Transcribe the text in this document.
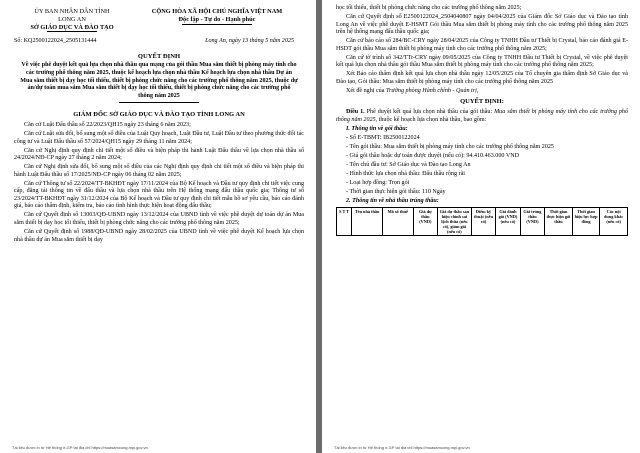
ỦY BAN NHÂN DÂN TỈNH
LONG AN
SỞ GIÁO DỤC VÀ ĐÀO TẠO
CỘNG HÒA XÃ HỘI CHỦ NGHĨA VIỆT NAM
Độc lập - Tự do - Hạnh phúc
Số: KQ2500122024_2505131444	Long An, ngày 13 tháng 5 năm 2025

QUYẾT ĐỊNH

Về việc phê duyệt kết quả lựa chọn nhà thầu qua mạng của gói thầu Mua sắm thiết bị phòng máy tính cho các trường phổ thông năm 2025, thuộc kế hoạch lựa chọn nhà thầu Kế hoạch lựa chọn nhà thầu Dự án Mua sắm thiết bị dạy học tối thiểu, thiết bị phòng chức năng cho các trường phổ thông năm 2025, thuộc dự án/dự toán mua sắm Mua sắm thiết bị dạy học tối thiểu, thiết bị phòng chức năng cho các trường phổ thông năm 2025

GIÁM ĐỐC SỞ GIÁO DỤC VÀ ĐÀO TẠO TỈNH LONG AN

Căn cứ Luật Đấu thầu số 22/2023/QH15 ngày 23 tháng 6 năm 2023;

Căn cứ Luật sửa đổi, bổ sung một số điều của Luật Quy hoạch, Luật Đầu tư, Luật Đầu tư theo phương thức đối tác công tư và Luật Đấu thầu số 57/2024/QH15 ngày 29 tháng 11 năm 2024;

Căn cứ Nghị định quy định chi tiết một số điều và biện pháp thi hành Luật Đấu thầu về lựa chọn nhà thầu số 24/2024/NĐ-CP ngày 27 tháng 2 năm 2024;

Căn cứ Nghị định sửa đổi, bổ sung một số điều của các Nghị định quy định chi tiết một số điều và biện pháp thi hành Luật Đấu thầu số 17/2025/NĐ-CP ngày 06 tháng 02 năm 2025;

Căn cứ Thông tư số 22/2024/TT-BKHĐT ngày 17/11/2024 của Bộ Kế hoạch và Đầu tư quy định chi tiết việc cung cấp, đăng tải thông tin về đấu thầu và lựa chọn nhà thầu trên Hệ thống mạng đấu thầu quốc gia; Thông tư số 23/2024/TT-BKHĐT ngày 31/12/2024 của Bộ Kế hoạch và Đầu tư quy định chi tiết mẫu hồ sơ yêu cầu, báo cáo đánh giá, báo cáo thẩm định, kiểm tra, báo cáo tình hình thực hiện hoạt động đấu thầu;

Căn cứ Quyết định số 13003/QĐ-UBND ngày 13/12/2024 của UBND tỉnh về việc phê duyệt dự toán dự án Mua sắm thiết bị dạy học tối thiểu, thiết bị phòng chức năng cho các trường phổ thông năm 2025;

Căn cứ Quyết định số 1988/QĐ-UBND ngày 28/02/2025 của UBND tỉnh về việc phê duyệt Kế hoạch lựa chọn nhà thầu dự án Mua sắm thiết bị dạy

Tài liệu được in từ Hệ thống e-GP tại địa chỉ https://muasamcong.mpi.gov.vn

học tối thiểu, thiết bị phòng chức năng cho các trường phổ thông năm 2025;

Căn cứ Quyết định số E2500122024_2504040807 ngày 04/04/2025 của Giám đốc Sở Giáo dục và Đào tạo tỉnh Long An về việc phê duyệt E-HSMT Gói thầu Mua sắm thiết bị phòng máy tính cho các trường phổ thông năm 2025 trên hệ thống mạng đấu thầu quốc gia;

Căn cứ báo cáo số 284/BC-CRY ngày 28/04/2025 của Công ty TNHH Đầu tư Thiết bị Crystal, báo cáo đánh giá E-HSDT gói thầu Mua sắm thiết bị phòng máy tính cho các trường phổ thông năm 2025;

Căn cứ tờ trình số 342/TTr-CRY ngày 09/05/2025 của Công ty TNHH Đầu tư Thiết bị Crystal, về việc phê duyệt kết quả lựa chọn nhà thầu gói thầu Mua sắm thiết bị phòng máy tính cho các trường phổ thông năm 2025;

Xét Báo cáo thẩm định kết quả lựa chọn nhà thầu ngày 12/05/2025 của Tổ chuyên gia thẩm định Sở Giáo dục và Đào tạo, Gói thầu: Mua sắm thiết bị phòng máy tính cho các trường phổ thông năm 2025

Xét đề nghị của Trưởng phòng Hành chính - Quản trị,

QUYẾT ĐỊNH:

Điều 1. Phê duyệt kết quả lựa chọn nhà thầu của gói thầu: Mua sắm thiết bị phòng máy tính cho các trường phổ thông năm 2025, thuộc kế hoạch lựa chọn nhà thầu, bao gồm:

I. Thông tin về gói thầu:

- Số E-TBMT: IB2500122024

- Tên gói thầu: Mua sắm thiết bị phòng máy tính cho các trường phổ thông năm 2025

- Giá gói thầu hoặc dự toán được duyệt (nếu có): 94.410.463.000 VND

- Tên chủ đầu tư: Sở Giáo dục và Đào tạo Long An

- Hình thức lựa chọn nhà thầu: Đấu thầu rộng rãi

- Loại hợp đồng: Trọn gói

- Thời gian thực hiện gói thầu: 110 Ngày

2. Thông tin về nhà thầu trúng thầu:

S T T	Tên nhà thầu	Mã số thuế	Giá dự thầu (VND)	Giá dự thầu sau hiệu chỉnh sai lệch thừa (nếu có), giảm giá (nếu có)	Điểm kỹ thuật (nếu có)	Giá đánh giá (VND) (nếu có)	Giá trúng thầu (VND)	Thời gian thực hiện gói thầu	Thời gian hiệu lực hợp đồng	Các nội dung khác (nếu có)
Tài liệu được in từ Hệ thống e-GP tại địa chỉ https://muasamcong.mpi.gov.vn
